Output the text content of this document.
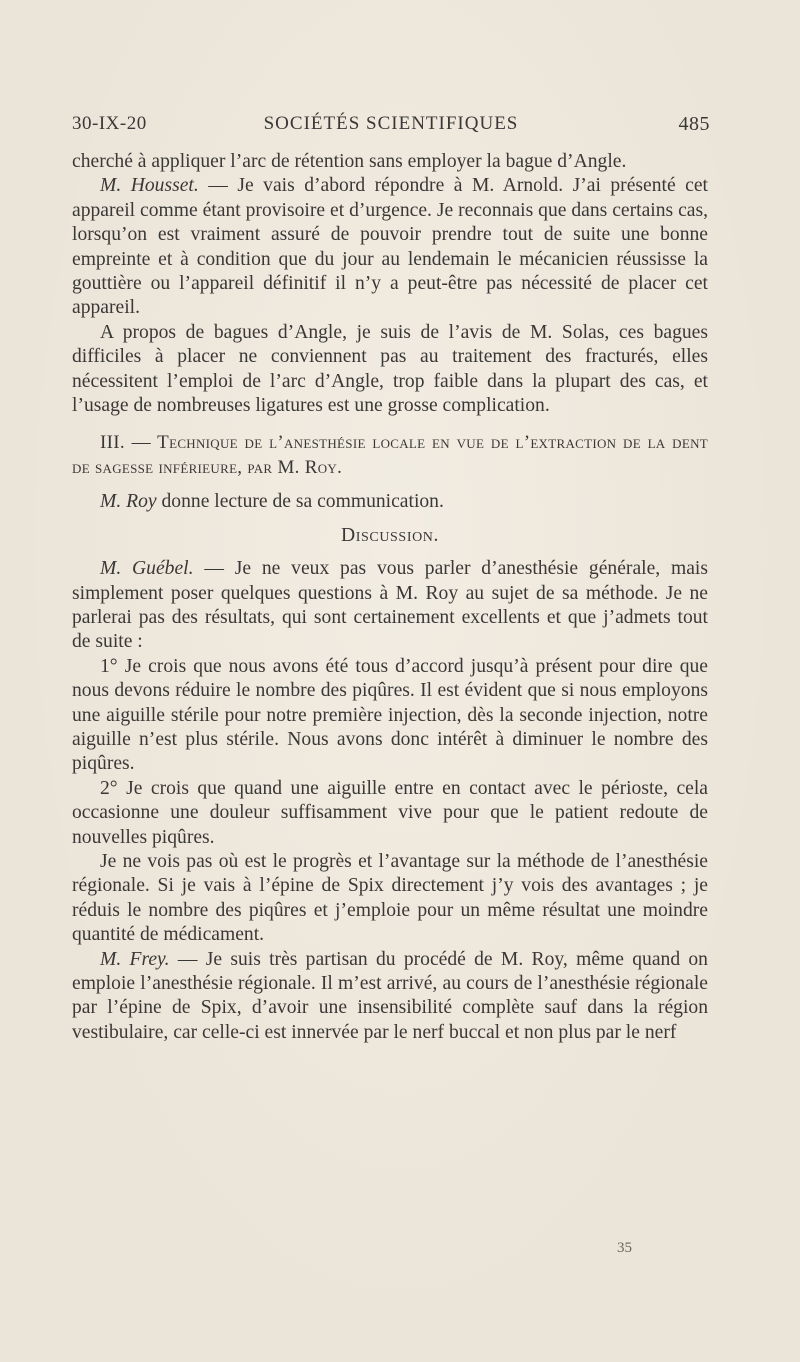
30-IX-20	SOCIÉTÉS SCIENTIFIQUES	485

cherché à appliquer l’arc de rétention sans employer la bague d’Angle.

M. Housset. — Je vais d’abord répondre à M. Arnold. J’ai présenté cet appareil comme étant provisoire et d’urgence. Je reconnais que dans certains cas, lorsqu’on est vraiment assuré de pouvoir prendre tout de suite une bonne empreinte et à condition que du jour au lendemain le mécanicien réussisse la gouttière ou l’appareil définitif il n’y a peut-être pas nécessité de placer cet appareil.

A propos de bagues d’Angle, je suis de l’avis de M. Solas, ces bagues difficiles à placer ne conviennent pas au traitement des fracturés, elles nécessitent l’emploi de l’arc d’Angle, trop faible dans la plupart des cas, et l’usage de nombreuses ligatures est une grosse complication.

III. — Technique de l’anesthésie locale en vue de l’extraction de la dent de sagesse inférieure, par M. Roy.

M. Roy donne lecture de sa communication.

Discussion.

M. Guébel. — Je ne veux pas vous parler d’anesthésie générale, mais simplement poser quelques questions à M. Roy au sujet de sa méthode. Je ne parlerai pas des résultats, qui sont certainement excellents et que j’admets tout de suite :

1° Je crois que nous avons été tous d’accord jusqu’à présent pour dire que nous devons réduire le nombre des piqûres. Il est évident que si nous employons une aiguille stérile pour notre première injection, dès la seconde injection, notre aiguille n’est plus stérile. Nous avons donc intérêt à diminuer le nombre des piqûres.

2° Je crois que quand une aiguille entre en contact avec le périoste, cela occasionne une douleur suffisamment vive pour que le patient redoute de nouvelles piqûres.

Je ne vois pas où est le progrès et l’avantage sur la méthode de l’anesthésie régionale. Si je vais à l’épine de Spix directement j’y vois des avantages ; je réduis le nombre des piqûres et j’emploie pour un même résultat une moindre quantité de médicament.

M. Frey. — Je suis très partisan du procédé de M. Roy, même quand on emploie l’anesthésie régionale. Il m’est arrivé, au cours de l’anesthésie régionale par l’épine de Spix, d’avoir une insensibilité complète sauf dans la région vestibulaire, car celle-ci est innervée par le nerf buccal et non plus par le nerf

35
